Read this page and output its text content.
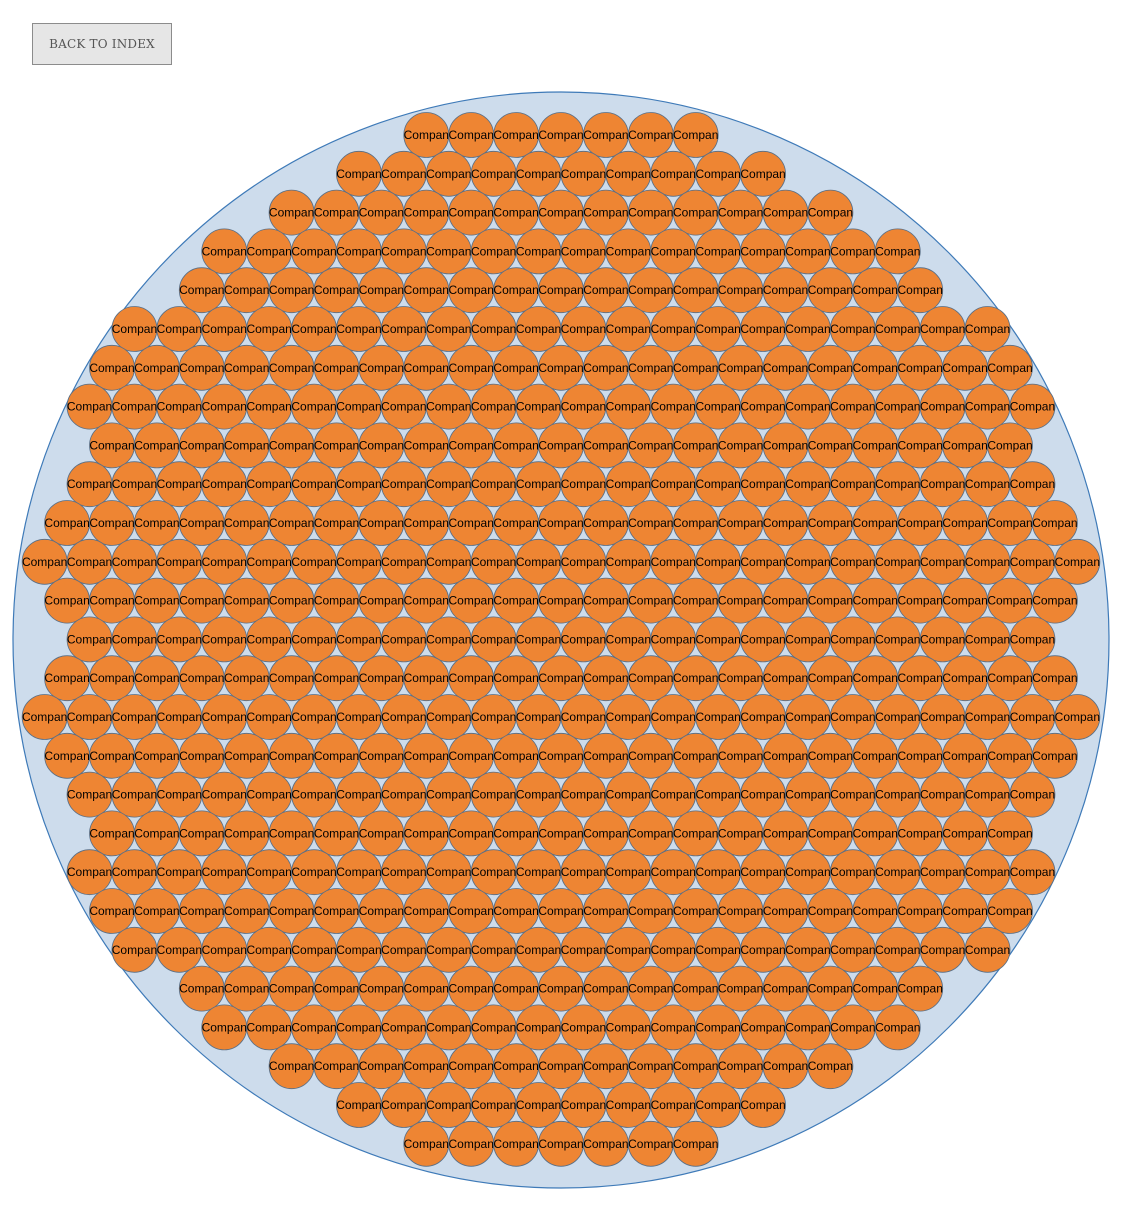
BACK TO INDEX
Compan Compan Compan Compan Compan Compan Compan
Compan Compan Compan Compan Compan Compan Compan Compan Compan Compan
Compan Compan Compan Compan Compan Compan Compan Compan Compan Compan Compan Compan Compan
Compan Compan Compan Compan Compan Compan Compan Compan Compan Compan Compan Compan Compan Compan Compan Compan
Compan Compan Compan Compan Compan Compan Compan Compan Compan Compan Compan Compan Compan Compan Compan Compan Compan
Compan Compan Compan Compan Compan Compan Compan Compan Compan Compan Compan Compan Compan Compan Compan Compan Compan Compan Compan Compan
Compan Compan Compan Compan Compan Compan Compan Compan Compan Compan Compan Compan Compan Compan Compan Compan Compan Compan Compan Compan Compan
Compan Compan Compan Compan Compan Compan Compan Compan Compan Compan Compan Compan Compan Compan Compan Compan Compan Compan Compan Compan Compan Compan
Compan Compan Compan Compan Compan Compan Compan Compan Compan Compan Compan Compan Compan Compan Compan Compan Compan Compan Compan Compan Compan
Compan Compan Compan Compan Compan Compan Compan Compan Compan Compan Compan Compan Compan Compan Compan Compan Compan Compan Compan Compan Compan Compan
Compan Compan Compan Compan Compan Compan Compan Compan Compan Compan Compan Compan Compan Compan Compan Compan Compan Compan Compan Compan Compan Compan Compan
Compan Compan Compan Compan Compan Compan Compan Compan Compan Compan Compan Compan Compan Compan Compan Compan Compan Compan Compan Compan Compan Compan Compan Compan
Compan Compan Compan Compan Compan Compan Compan Compan Compan Compan Compan Compan Compan Compan Compan Compan Compan Compan Compan Compan Compan Compan Compan
Compan Compan Compan Compan Compan Compan Compan Compan Compan Compan Compan Compan Compan Compan Compan Compan Compan Compan Compan Compan Compan Compan
Compan Compan Compan Compan Compan Compan Compan Compan Compan Compan Compan Compan Compan Compan Compan Compan Compan Compan Compan Compan Compan Compan Compan
Compan Compan Compan Compan Compan Compan Compan Compan Compan Compan Compan Compan Compan Compan Compan Compan Compan Compan Compan Compan Compan Compan Compan Compan
Compan Compan Compan Compan Compan Compan Compan Compan Compan Compan Compan Compan Compan Compan Compan Compan Compan Compan Compan Compan Compan Compan Compan
Compan Compan Compan Compan Compan Compan Compan Compan Compan Compan Compan Compan Compan Compan Compan Compan Compan Compan Compan Compan Compan Compan
Compan Compan Compan Compan Compan Compan Compan Compan Compan Compan Compan Compan Compan Compan Compan Compan Compan Compan Compan Compan Compan
Compan Compan Compan Compan Compan Compan Compan Compan Compan Compan Compan Compan Compan Compan Compan Compan Compan Compan Compan Compan Compan Compan
Compan Compan Compan Compan Compan Compan Compan Compan Compan Compan Compan Compan Compan Compan Compan Compan Compan Compan Compan Compan Compan
Compan Compan Compan Compan Compan Compan Compan Compan Compan Compan Compan Compan Compan Compan Compan Compan Compan Compan Compan Compan
Compan Compan Compan Compan Compan Compan Compan Compan Compan Compan Compan Compan Compan Compan Compan Compan Compan
Compan Compan Compan Compan Compan Compan Compan Compan Compan Compan Compan Compan Compan Compan Compan Compan
Compan Compan Compan Compan Compan Compan Compan Compan Compan Compan Compan Compan Compan
Compan Compan Compan Compan Compan Compan Compan Compan Compan Compan
Compan Compan Compan Compan Compan Compan Compan
